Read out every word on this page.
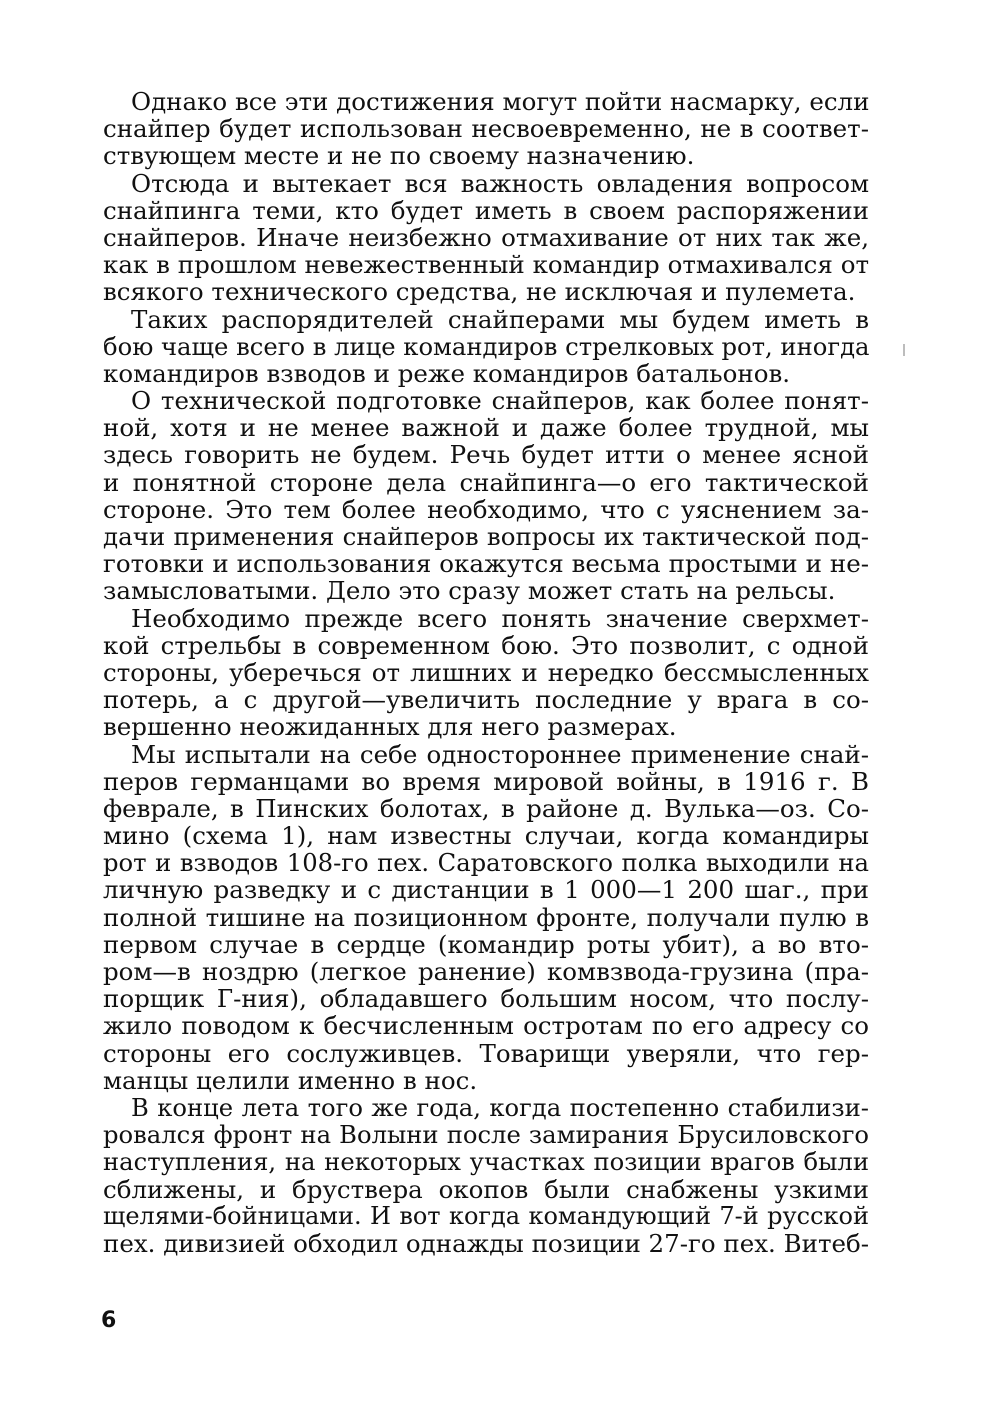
Однако все эти достижения могут пойти насмарку, если
снайпер будет использован несвоевременно, не в соответ-
ствующем месте и не по своему назначению.
Отсюда и вытекает вся важность овладения вопросом
снайпинга теми, кто будет иметь в своем распоряжении
снайперов. Иначе неизбежно отмахивание от них так же,
как в прошлом невежественный командир отмахивался от
всякого технического средства, не исключая и пулемета.
Таких распорядителей снайперами мы будем иметь в
бою чаще всего в лице командиров стрелковых рот, иногда
командиров взводов и реже командиров батальонов.
О технической подготовке снайперов, как более понят-
ной, хотя и не менее важной и даже более трудной, мы
здесь говорить не будем. Речь будет итти о менее ясной
и понятной стороне дела снайпинга—о его тактической
стороне. Это тем более необходимо, что с уяснением за-
дачи применения снайперов вопросы их тактической под-
готовки и использования окажутся весьма простыми и не-
замысловатыми. Дело это сразу может стать на рельсы.
Необходимо прежде всего понять значение сверхмет-
кой стрельбы в современном бою. Это позволит, с одной
стороны, уберечься от лишних и нередко бессмысленных
потерь, а с другой—увеличить последние у врага в со-
вершенно неожиданных для него размерах.
Мы испытали на себе одностороннее применение снай-
перов германцами во время мировой войны, в 1916 г. В
феврале, в Пинских болотах, в районе д. Вулька—оз. Со-
мино (схема 1), нам известны случаи, когда командиры
рот и взводов 108-го пех. Саратовского полка выходили на
личную разведку и с дистанции в 1 000—1 200 шаг., при
полной тишине на позиционном фронте, получали пулю в
первом случае в сердце (командир роты убит), а во вто-
ром—в ноздрю (легкое ранение) комвзвода-грузина (пра-
порщик Г-ния), обладавшего большим носом, что послу-
жило поводом к бесчисленным остротам по его адресу со
стороны его сослуживцев. Товарищи уверяли, что гер-
манцы целили именно в нос.
В конце лета того же года, когда постепенно стабилизи-
ровался фронт на Волыни после замирания Брусиловского
наступления, на некоторых участках позиции врагов были
сближены, и бруствера окопов были снабжены узкими
щелями-бойницами. И вот когда командующий 7-й русской
пех. дивизией обходил однажды позиции 27-го пех. Витеб-
6
